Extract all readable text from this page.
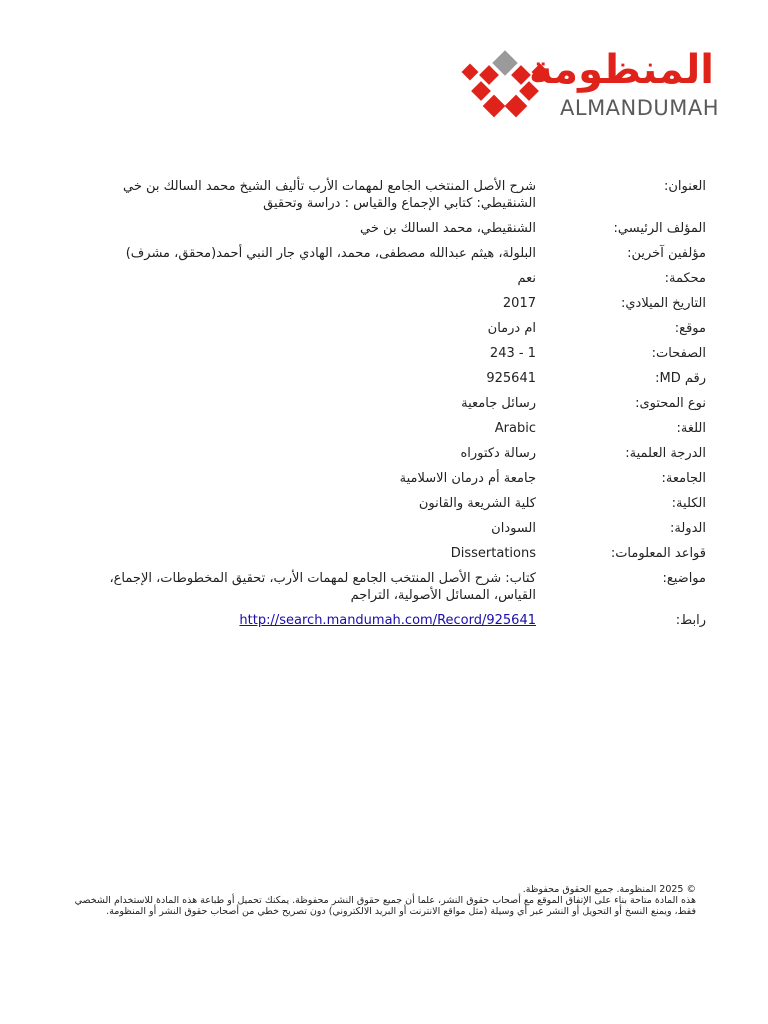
المنظومة
ALMANDUMAH
العنوان:
شرح الأصل المنتخب الجامع لمهمات الأرب تأليف الشيخ محمد السالك بن خي الشنقيطي: كتابي الإجماع والقياس : دراسة وتحقيق
المؤلف الرئيسي:
الشنقيطي، محمد السالك بن خي
مؤلفين آخرين:
البلولة، هيثم عبدالله مصطفى، محمد، الهادي جار النبي أحمد(محقق، مشرف)
محكمة:
نعم
التاريخ الميلادي:
2017
موقع:
ام درمان
الصفحات:
1 - 243
رقم MD:
925641
نوع المحتوى:
رسائل جامعية
اللغة:
Arabic
الدرجة العلمية:
رسالة دكتوراه
الجامعة:
جامعة أم درمان الاسلامية
الكلية:
كلية الشريعة والقانون
الدولة:
السودان
قواعد المعلومات:
Dissertations
مواضيع:
كتاب: شرح الأصل المنتخب الجامع لمهمات الأرب، تحقيق المخطوطات، الإجماع، القياس، المسائل الأصولية، التراجم
رابط:
http://search.mandumah.com/Record/925641
© 2025 المنظومة. جميع الحقوق محفوظة.
هذه المادة متاحة بناء على الإتفاق الموقع مع أصحاب حقوق النشر، علما أن جميع حقوق النشر محفوظة. يمكنك تحميل أو طباعة هذه المادة للاستخدام الشخصي فقط، ويمنع النسخ أو التحويل أو النشر عبر أي وسيلة (مثل مواقع الانترنت أو البريد الالكتروني) دون تصريح خطي من أصحاب حقوق النشر أو المنظومة.
